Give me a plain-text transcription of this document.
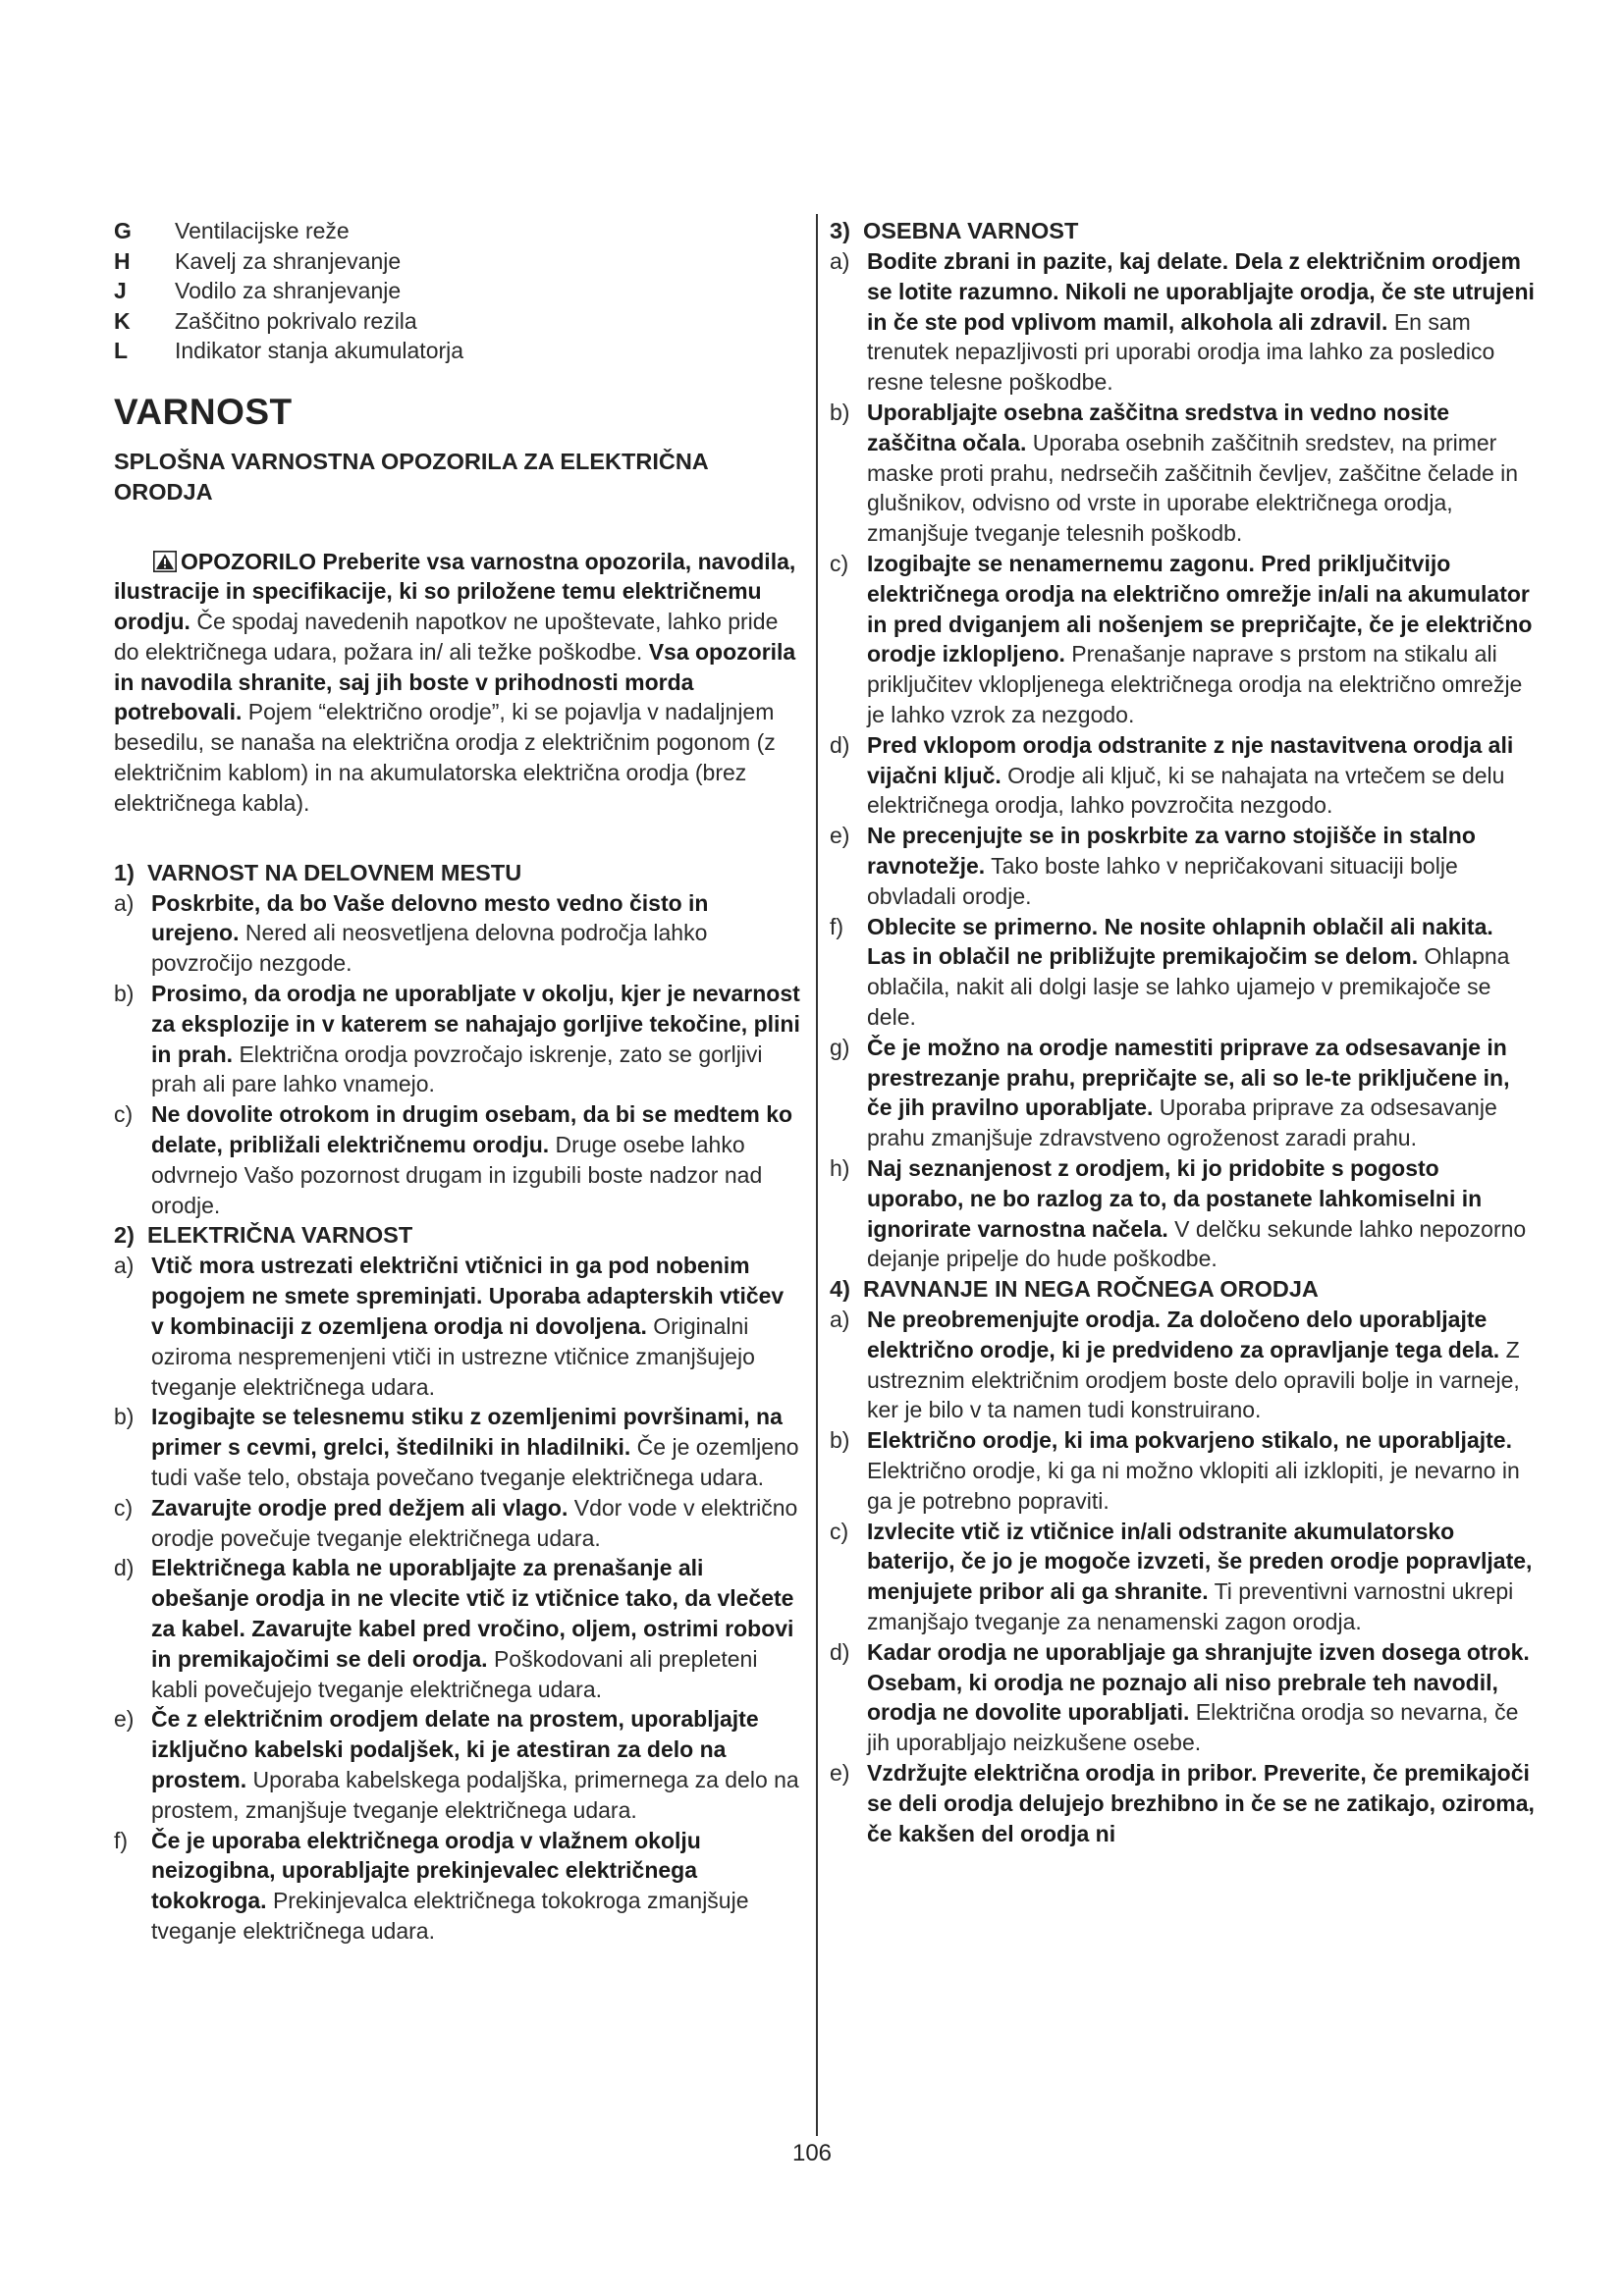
G	Ventilacijske reže
H	Kavelj za shranjevanje
J	Vodilo za shranjevanje
K	Zaščitno pokrivalo rezila
L	Indikator stanja akumulatorja
VARNOST
SPLOŠNA VARNOSTNA OPOZORILA ZA ELEKTRIČNA ORODJA

OPOZORILO Preberite vsa varnostna opozorila, navodila, ilustracije in specifikacije, ki so priložene temu električnemu orodju. Če spodaj navedenih napotkov ne upoštevate, lahko pride do električnega udara, požara in/ ali težke poškodbe. Vsa opozorila in navodila shranite, saj jih boste v prihodnosti morda potrebovali. Pojem “električno orodje”, ki se pojavlja v nadaljnjem besedilu, se nanaša na električna orodja z električnim pogonom (z električnim kablom) in na akumulatorska električna orodja (brez električnega kabla).

1)  VARNOST NA DELOVNEM MESTU
a) Poskrbite, da bo Vaše delovno mesto vedno čisto in urejeno. Nered ali neosvetljena delovna področja lahko povzročijo nezgode.
b) Prosimo, da orodja ne uporabljate v okolju, kjer je nevarnost za eksplozije in v katerem se nahajajo gorljive tekočine, plini in prah. Električna orodja povzročajo iskrenje, zato se gorljivi prah ali pare lahko vnamejo.
c) Ne dovolite otrokom in drugim osebam, da bi se medtem ko delate, približali električnemu orodju. Druge osebe lahko odvrnejo Vašo pozornost drugam in izgubili boste nadzor nad orodje.
2)  ELEKTRIČNA VARNOST
a) Vtič mora ustrezati električni vtičnici in ga pod nobenim pogojem ne smete spreminjati. Uporaba adapterskih vtičev v kombinaciji z ozemljena orodja ni dovoljena. Originalni oziroma nespremenjeni vtiči in ustrezne vtičnice zmanjšujejo tveganje električnega udara.
b) Izogibajte se telesnemu stiku z ozemljenimi površinami, na primer s cevmi, grelci, štedilniki in hladilniki. Če je ozemljeno tudi vaše telo, obstaja povečano tveganje električnega udara.
c) Zavarujte orodje pred dežjem ali vlago. Vdor vode v električno orodje povečuje tveganje električnega udara.
d) Električnega kabla ne uporabljajte za prenašanje ali obešanje orodja in ne vlecite vtič iz vtičnice tako, da vlečete za kabel. Zavarujte kabel pred vročino, oljem, ostrimi robovi in premikajočimi se deli orodja. Poškodovani ali prepleteni kabli povečujejo tveganje električnega udara.
e) Če z električnim orodjem delate na prostem, uporabljajte izključno kabelski podaljšek, ki je atestiran za delo na prostem. Uporaba kabelskega podaljška, primernega za delo na prostem, zmanjšuje tveganje električnega udara.
f)	Če je uporaba električnega orodja v vlažnem okolju neizogibna, uporabljajte prekinjevalec električnega tokokroga. Prekinjevalca električnega tokokroga zmanjšuje tveganje električnega udara.
3)  OSEBNA VARNOST
a) Bodite zbrani in pazite, kaj delate. Dela z električnim orodjem se lotite razumno. Nikoli ne uporabljajte orodja, če ste utrujeni in če ste pod vplivom mamil, alkohola ali zdravil. En sam trenutek nepazljivosti pri uporabi orodja ima lahko za posledico resne telesne poškodbe.
b) Uporabljajte osebna zaščitna sredstva in vedno nosite zaščitna očala. Uporaba osebnih zaščitnih sredstev, na primer maske proti prahu, nedrsečih zaščitnih čevljev, zaščitne čelade in glušnikov, odvisno od vrste in uporabe električnega orodja, zmanjšuje tveganje telesnih poškodb.
c) Izogibajte se nenamernemu zagonu. Pred priključitvijo električnega orodja na električno omrežje in/ali na akumulator in pred dviganjem ali nošenjem se prepričajte, če je električno orodje izklopljeno. Prenašanje naprave s prstom na stikalu ali priključitev vklopljenega električnega orodja na električno omrežje je lahko vzrok za nezgodo.
d) Pred vklopom orodja odstranite z nje nastavitvena orodja ali vijačni ključ. Orodje ali ključ, ki se nahajata na vrtečem se delu električnega orodja, lahko povzročita nezgodo.
e) Ne precenjujte se in poskrbite za varno stojišče in stalno ravnotežje. Tako boste lahko v nepričakovani situaciji bolje obvladali orodje.
f)	Oblecite se primerno. Ne nosite ohlapnih oblačil ali nakita. Las in oblačil ne približujte premikajočim se delom. Ohlapna oblačila, nakit ali dolgi lasje se lahko ujamejo v premikajoče se dele.
g) Če je možno na orodje namestiti priprave za odsesavanje in prestrezanje prahu, prepričajte se, ali so le-te priključene in, če jih pravilno uporabljate. Uporaba priprave za odsesavanje prahu zmanjšuje zdravstveno ogroženost zaradi prahu.
h) Naj seznanjenost z orodjem, ki jo pridobite s pogosto uporabo, ne bo razlog za to, da postanete lahkomiselni in ignorirate varnostna načela. V delčku sekunde lahko nepozorno dejanje pripelje do hude poškodbe.
4)  RAVNANJE IN NEGA ROČNEGA ORODJA
a) Ne preobremenjujte orodja. Za določeno delo uporabljajte električno orodje, ki je predvideno za opravljanje tega dela. Z ustreznim električnim orodjem boste delo opravili bolje in varneje, ker je bilo v ta namen tudi konstruirano.
b) Električno orodje, ki ima pokvarjeno stikalo, ne uporabljajte. Električno orodje, ki ga ni možno vklopiti ali izklopiti, je nevarno in ga je potrebno popraviti.
c) Izvlecite vtič iz vtičnice in/ali odstranite akumulatorsko baterijo, če jo je mogoče izvzeti, še preden orodje popravljate, menjujete pribor ali ga shranite. Ti preventivni varnostni ukrepi zmanjšajo tveganje za nenamenski zagon orodja.
d) Kadar orodja ne uporabljaje ga shranjujte izven dosega otrok. Osebam, ki orodja ne poznajo ali niso prebrale teh navodil, orodja ne dovolite uporabljati. Električna orodja so nevarna, če jih uporabljajo neizkušene osebe.
e) Vzdržujte električna orodja in pribor. Preverite, če premikajoči se deli orodja delujejo brezhibno in če se ne zatikajo, oziroma, če kakšen del orodja ni
106
